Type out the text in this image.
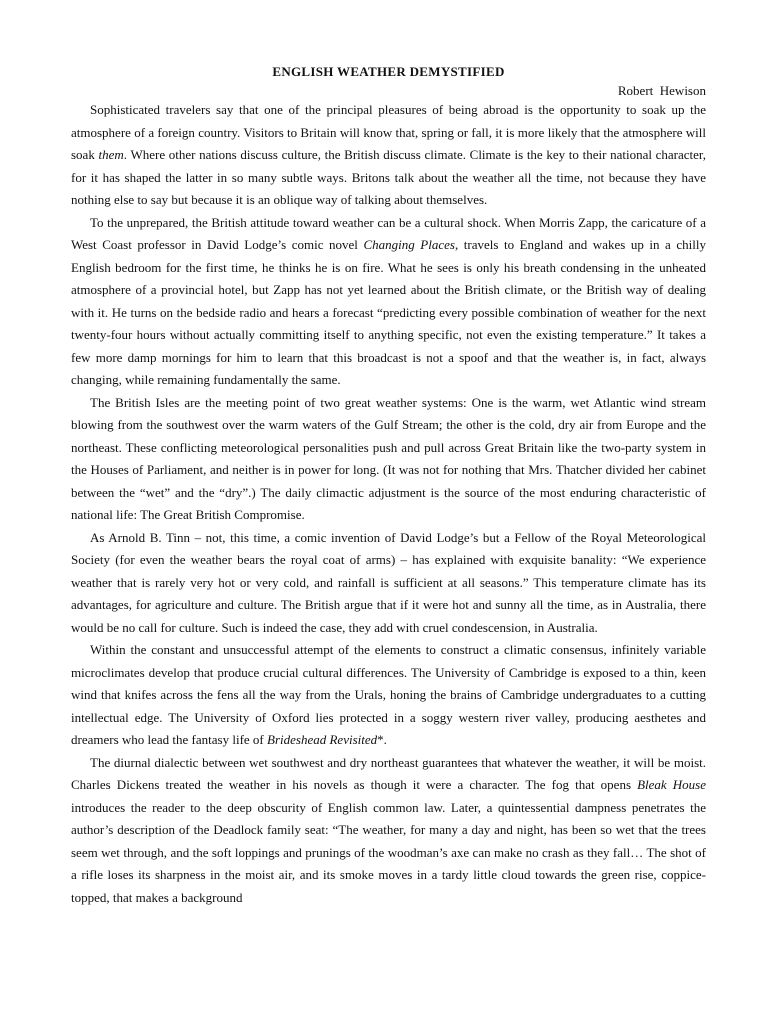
ENGLISH WEATHER DEMYSTIFIED
Robert  Hewison

Sophisticated travelers say that one of the principal pleasures of being abroad is the opportunity to soak up the atmosphere of a foreign country. Visitors to Britain will know that, spring or fall, it is more likely that the atmosphere will soak them. Where other nations discuss culture, the British discuss climate. Climate is the key to their national character, for it has shaped the latter in so many subtle ways. Britons talk about the weather all the time, not because they have nothing else to say but because it is an oblique way of talking about themselves.

To the unprepared, the British attitude toward weather can be a cultural shock. When Morris Zapp, the caricature of a West Coast professor in David Lodge’s comic novel Changing Places, travels to England and wakes up in a chilly English bedroom for the first time, he thinks he is on fire. What he sees is only his breath condensing in the unheated atmosphere of a provincial hotel, but Zapp has not yet learned about the British climate, or the British way of dealing with it. He turns on the bedside radio and hears a forecast “predicting every possible combination of weather for the next twenty-four hours without actually committing itself to anything specific, not even the existing temperature.” It takes a few more damp mornings for him to learn that this broadcast is not a spoof and that the weather is, in fact, always changing, while remaining fundamentally the same.

The British Isles are the meeting point of two great weather systems: One is the warm, wet Atlantic wind stream blowing from the southwest over the warm waters of the Gulf Stream; the other is the cold, dry air from Europe and the northeast. These conflicting meteorological personalities push and pull across Great Britain like the two-party system in the Houses of Parliament, and neither is in power for long. (It was not for nothing that Mrs. Thatcher divided her cabinet between the “wet” and the “dry”.) The daily climactic adjustment is the source of the most enduring characteristic of national life: The Great British Compromise.

As Arnold B. Tinn – not, this time, a comic invention of David Lodge’s but a Fellow of the Royal Meteorological Society (for even the weather bears the royal coat of arms) – has explained with exquisite banality: “We experience weather that is rarely very hot or very cold, and rainfall is sufficient at all seasons.” This temperature climate has its advantages, for agriculture and culture. The British argue that if it were hot and sunny all the time, as in Australia, there would be no call for culture. Such is indeed the case, they add with cruel condescension, in Australia.

Within the constant and unsuccessful attempt of the elements to construct a climatic consensus, infinitely variable microclimates develop that produce crucial cultural differences. The University of Cambridge is exposed to a thin, keen wind that knifes across the fens all the way from the Urals, honing the brains of Cambridge undergraduates to a cutting intellectual edge. The University of Oxford lies protected in a soggy western river valley, producing aesthetes and dreamers who lead the fantasy life of Brideshead Revisited*.

The diurnal dialectic between wet southwest and dry northeast guarantees that whatever the weather, it will be moist. Charles Dickens treated the weather in his novels as though it were a character. The fog that opens Bleak House introduces the reader to the deep obscurity of English common law. Later, a quintessential dampness penetrates the author’s description of the Deadlock family seat: “The weather, for many a day and night, has been so wet that the trees seem wet through, and the soft loppings and prunings of the woodman’s axe can make no crash as they fall… The shot of a rifle loses its sharpness in the moist air, and its smoke moves in a tardy little cloud towards the green rise, coppice-topped, that makes a background
